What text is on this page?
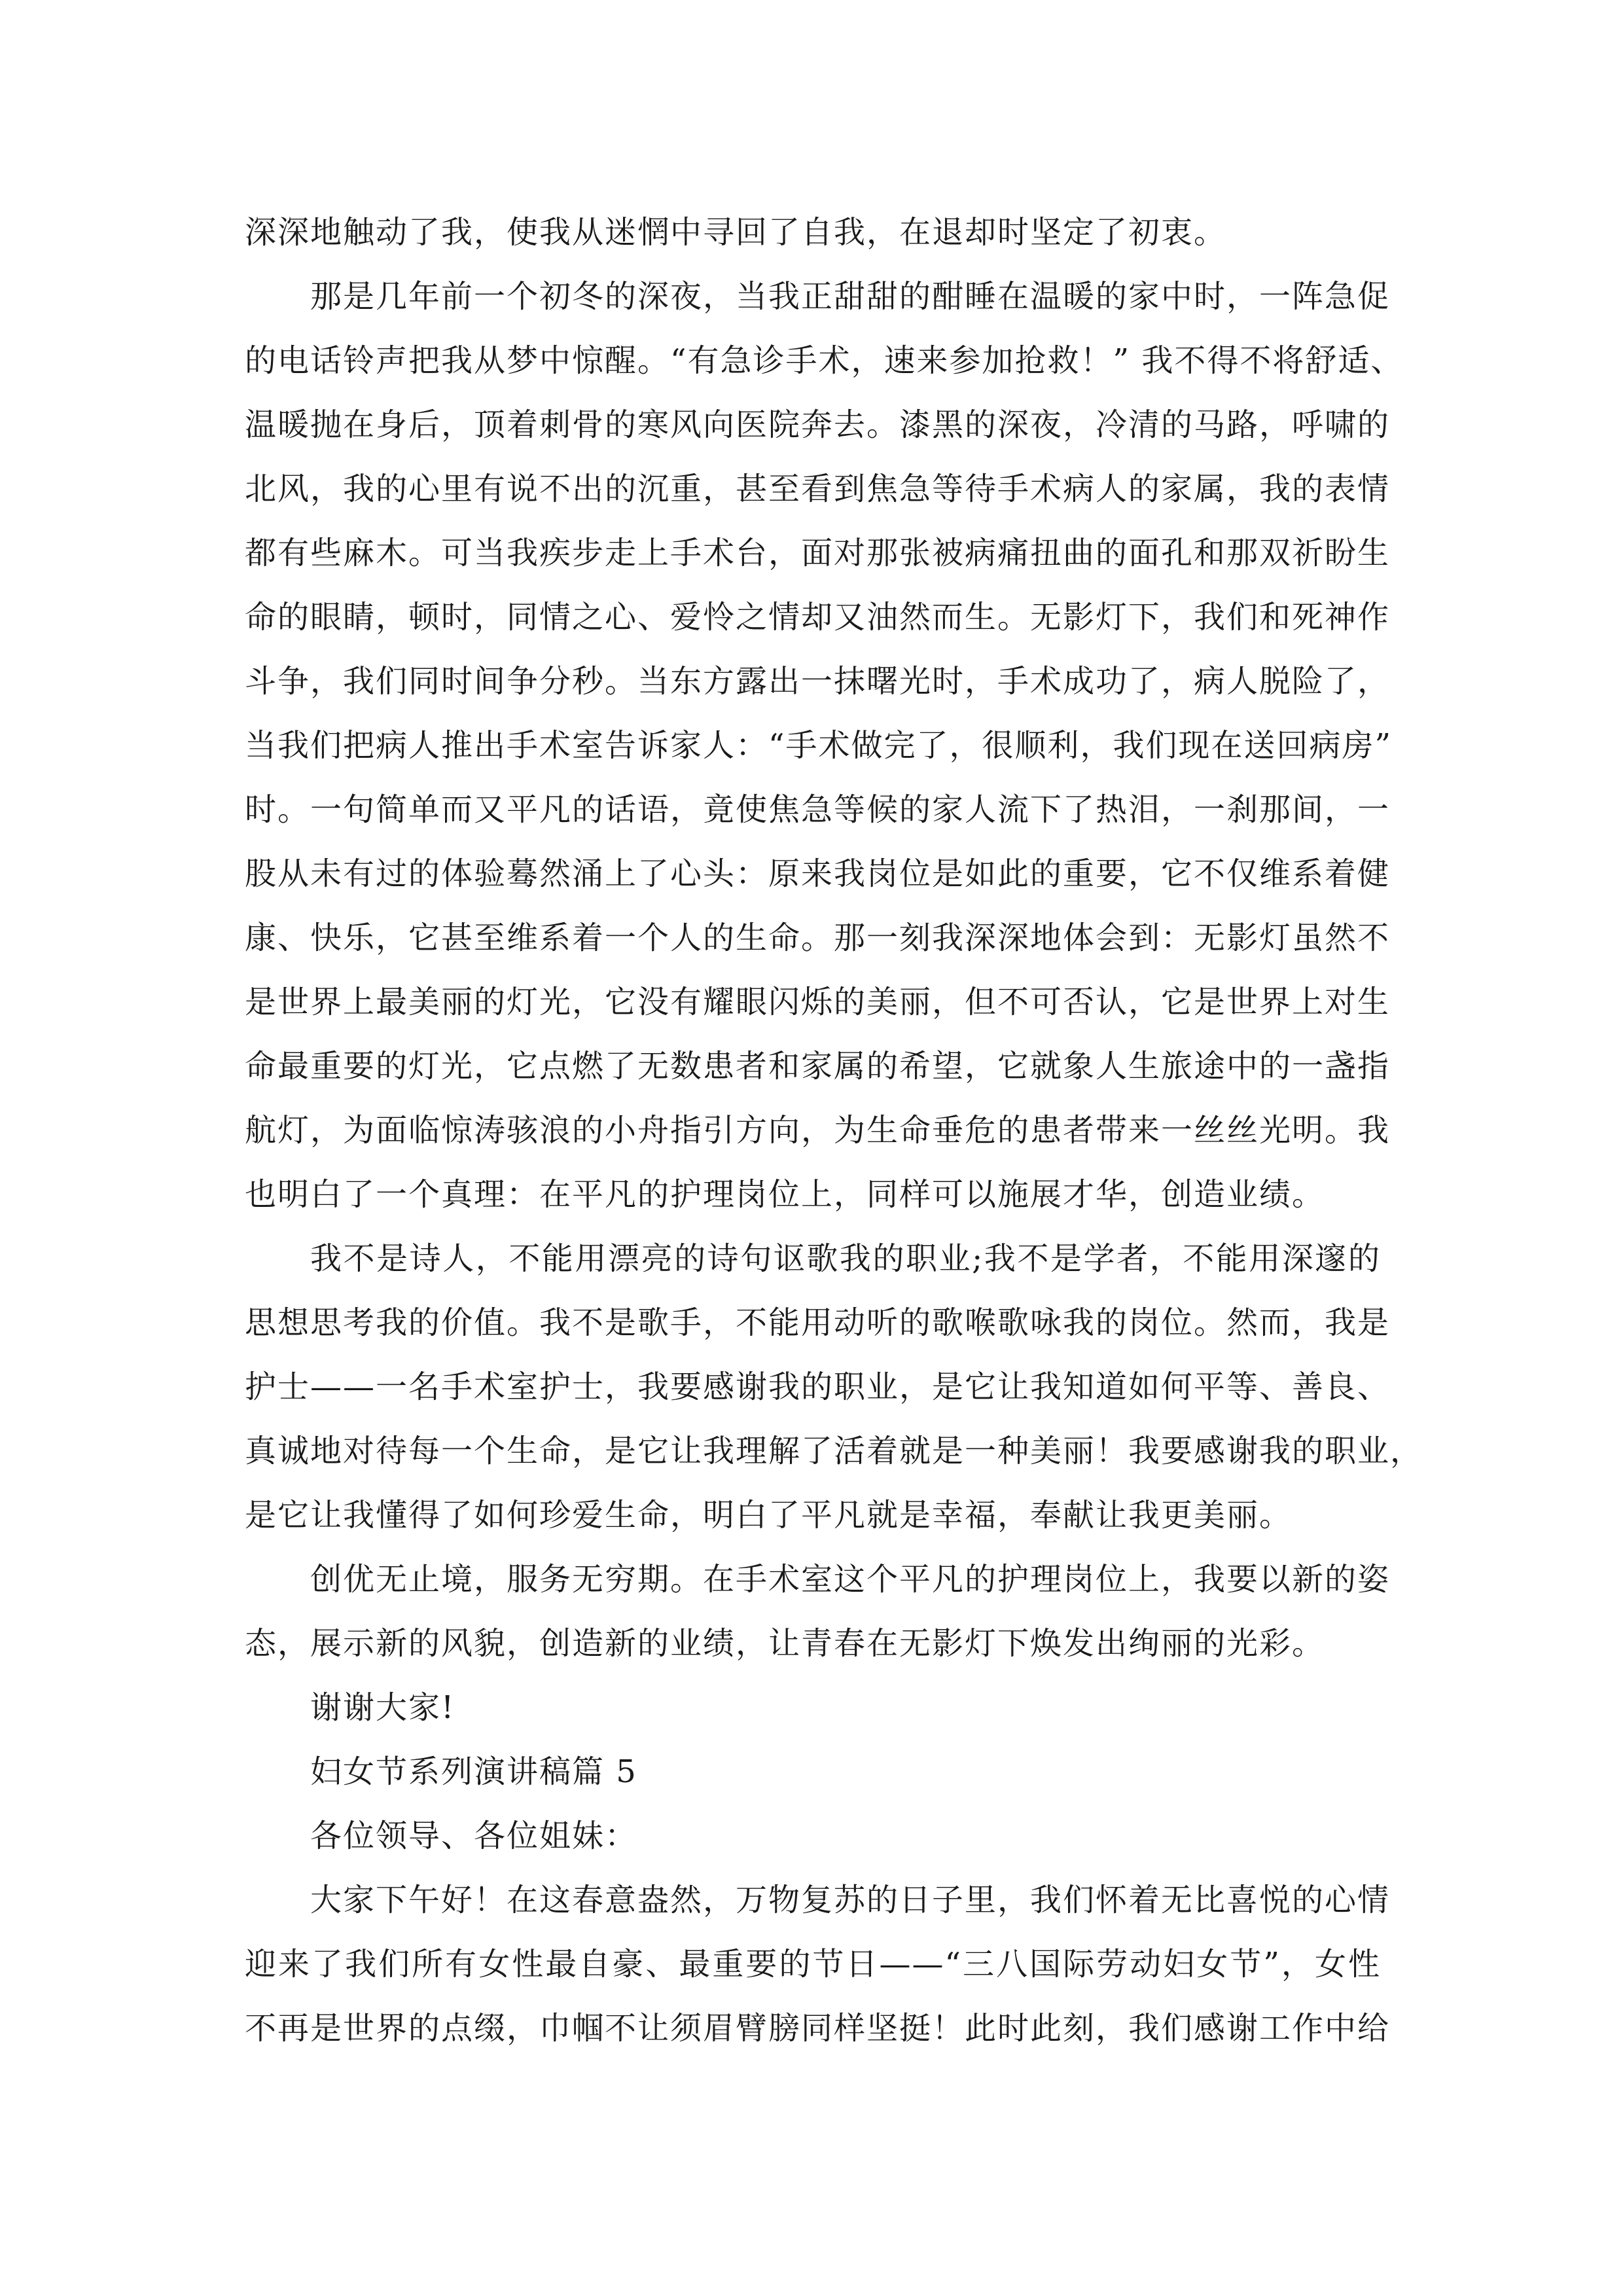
深深地触动了我，使我从迷惘中寻回了自我，在退却时坚定了初衷。
那是几年前一个初冬的深夜，当我正甜甜的酣睡在温暖的家中时，一阵急促
的电话铃声把我从梦中惊醒。“有急诊手术，速来参加抢救！” 我不得不将舒适、
温暖抛在身后，顶着刺骨的寒风向医院奔去。漆黑的深夜，冷清的马路，呼啸的
北风，我的心里有说不出的沉重，甚至看到焦急等待手术病人的家属，我的表情
都有些麻木。可当我疾步走上手术台，面对那张被病痛扭曲的面孔和那双祈盼生
命的眼睛，顿时，同情之心、爱怜之情却又油然而生。无影灯下，我们和死神作
斗争，我们同时间争分秒。当东方露出一抹曙光时，手术成功了，病人脱险了，
当我们把病人推出手术室告诉家人：“手术做完了，很顺利，我们现在送回病房”
时。一句简单而又平凡的话语，竟使焦急等候的家人流下了热泪，一刹那间，一
股从未有过的体验蓦然涌上了心头：原来我岗位是如此的重要，它不仅维系着健
康、快乐，它甚至维系着一个人的生命。那一刻我深深地体会到：无影灯虽然不
是世界上最美丽的灯光，它没有耀眼闪烁的美丽，但不可否认，它是世界上对生
命最重要的灯光，它点燃了无数患者和家属的希望，它就象人生旅途中的一盏指
航灯，为面临惊涛骇浪的小舟指引方向，为生命垂危的患者带来一丝丝光明。我
也明白了一个真理：在平凡的护理岗位上，同样可以施展才华，创造业绩。
我不是诗人，不能用漂亮的诗句讴歌我的职业;我不是学者，不能用深邃的
思想思考我的价值。我不是歌手，不能用动听的歌喉歌咏我的岗位。然而，我是
护士——一名手术室护士，我要感谢我的职业，是它让我知道如何平等、善良、
真诚地对待每一个生命，是它让我理解了活着就是一种美丽！我要感谢我的职业，
是它让我懂得了如何珍爱生命，明白了平凡就是幸福，奉献让我更美丽。
创优无止境，服务无穷期。在手术室这个平凡的护理岗位上，我要以新的姿
态，展示新的风貌，创造新的业绩，让青春在无影灯下焕发出绚丽的光彩。
谢谢大家!
妇女节系列演讲稿篇 5
各位领导、各位姐妹：
大家下午好！在这春意盎然，万物复苏的日子里，我们怀着无比喜悦的心情
迎来了我们所有女性最自豪、最重要的节日——“三八国际劳动妇女节”，女性
不再是世界的点缀，巾帼不让须眉臂膀同样坚挺！此时此刻，我们感谢工作中给
